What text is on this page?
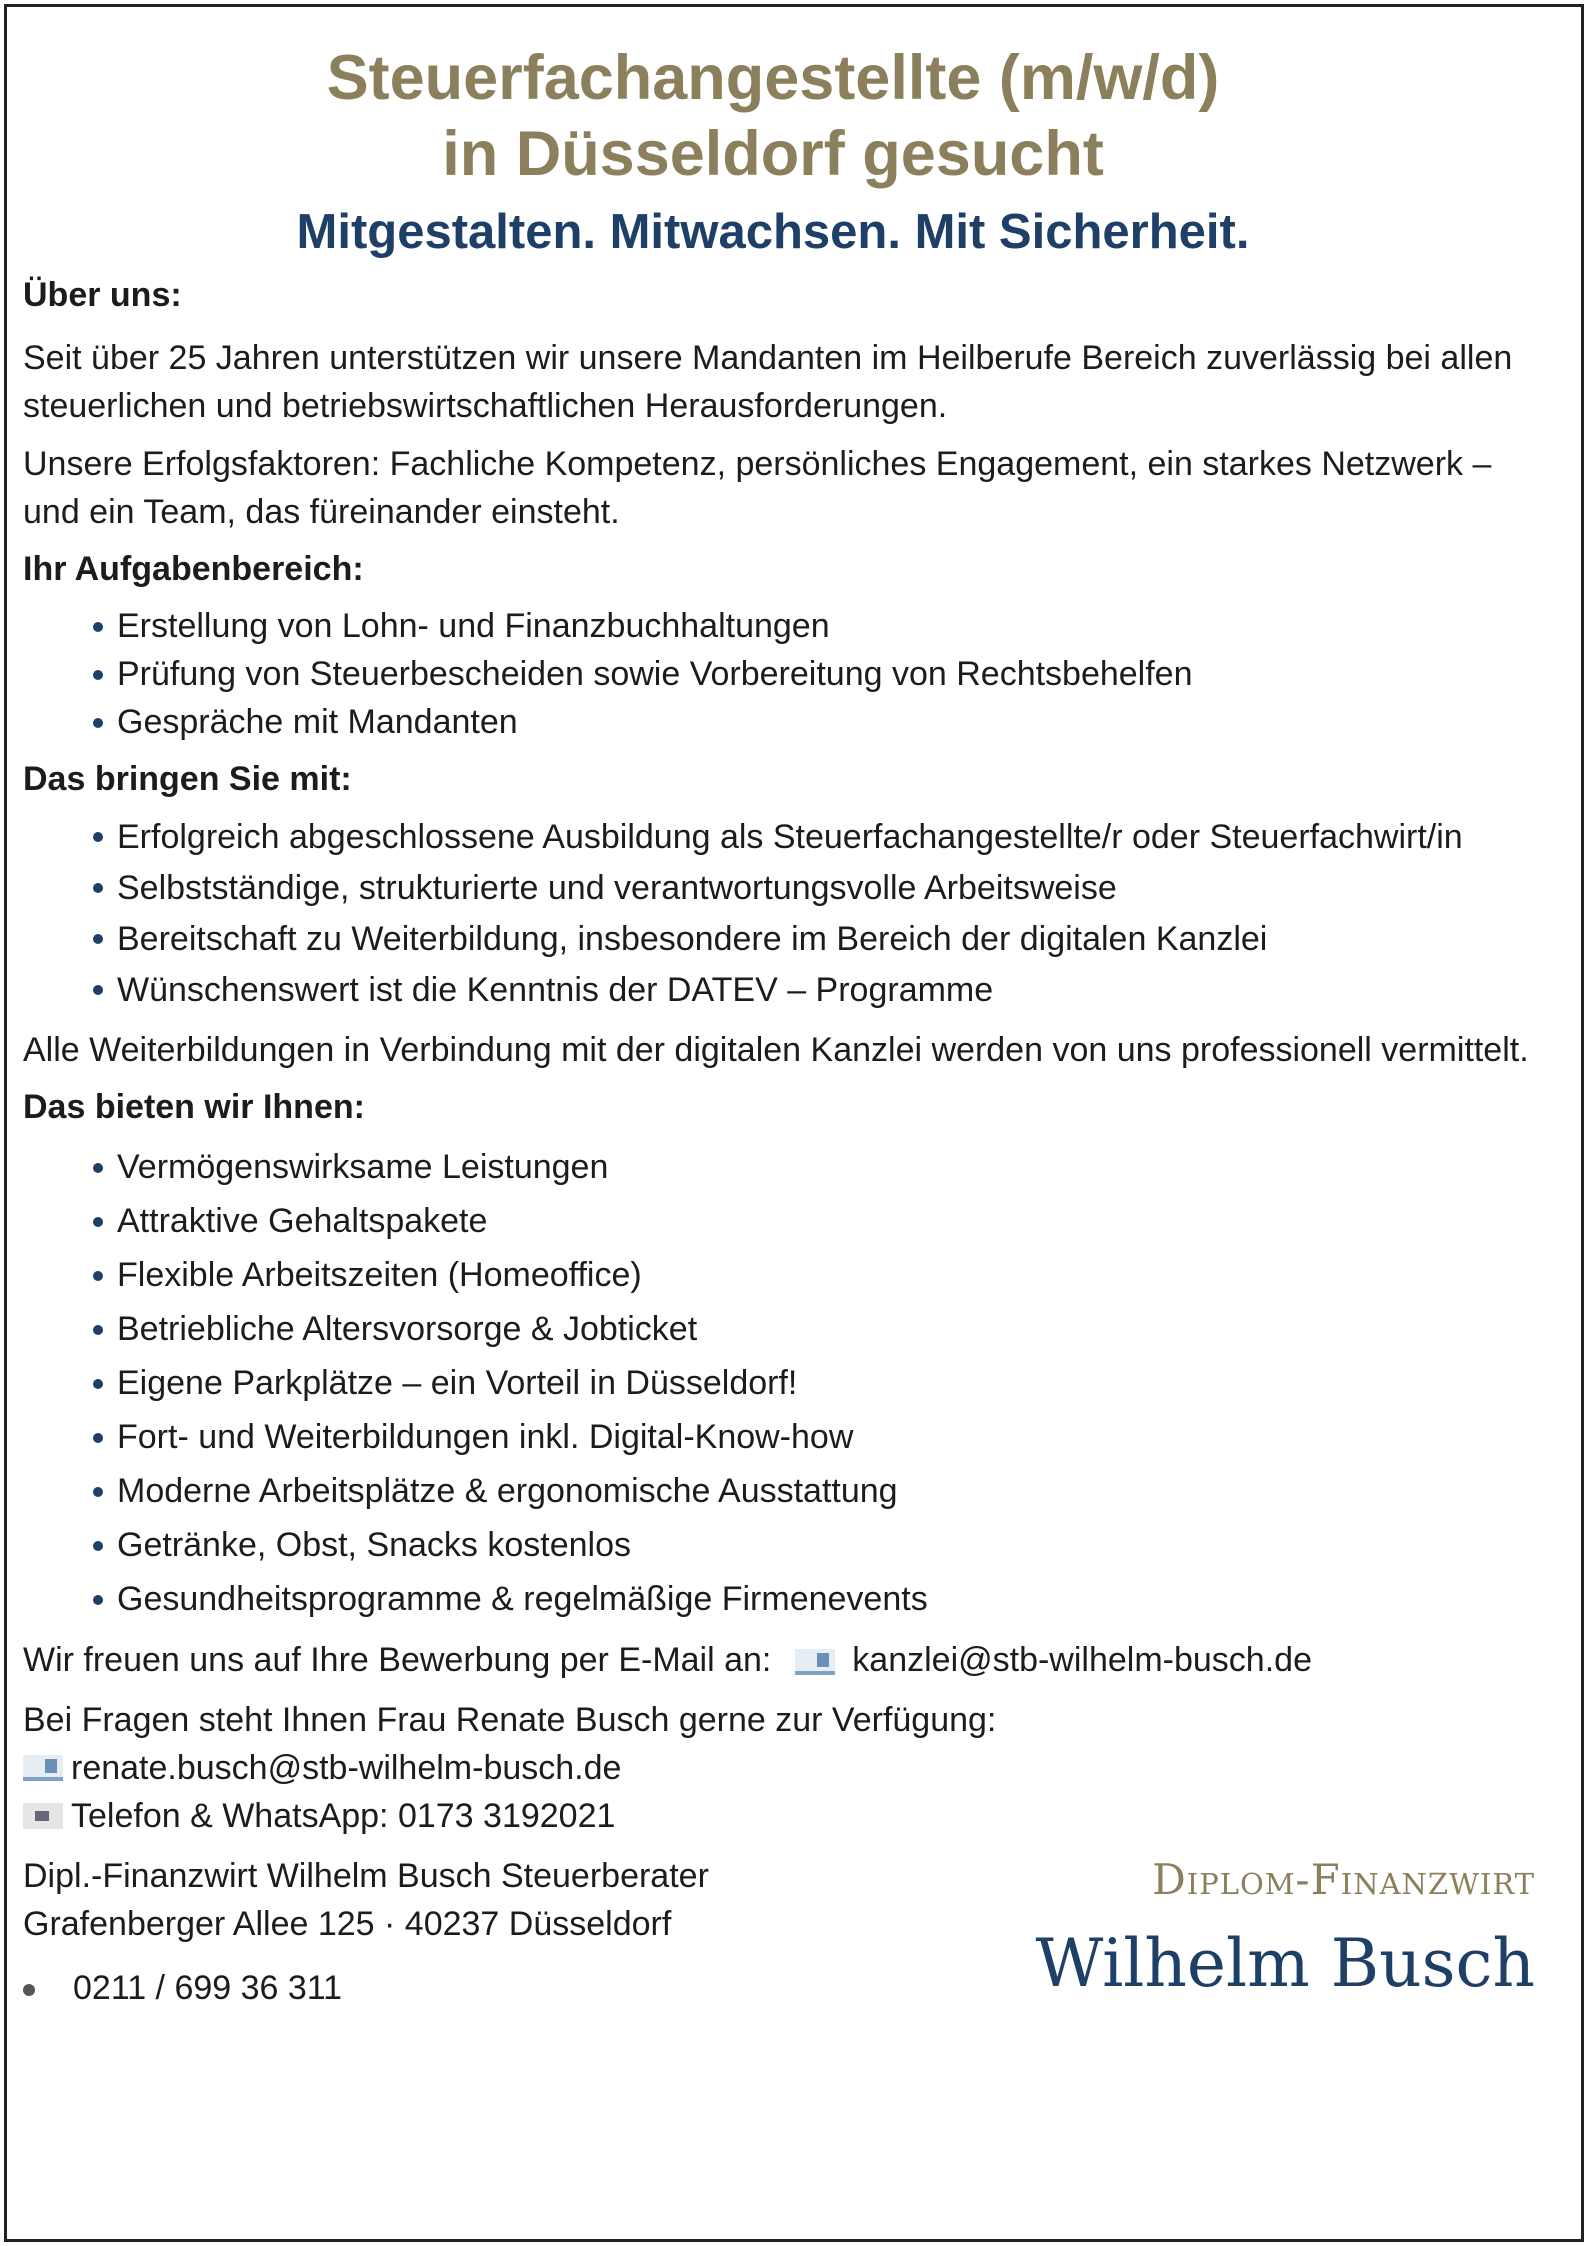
Steuerfachangestellte (m/w/d)
in Düsseldorf gesucht
Mitgestalten. Mitwachsen. Mit Sicherheit.
Über uns:

Seit über 25 Jahren unterstützen wir unsere Mandanten im Heilberufe Bereich zuverlässig bei allen steuerlichen und betriebswirtschaftlichen Herausforderungen.

Unsere Erfolgsfaktoren: Fachliche Kompetenz, persönliches Engagement, ein starkes Netzwerk – und ein Team, das füreinander einsteht.

Ihr Aufgabenbereich:
Erstellung von Lohn- und Finanzbuchhaltungen
Prüfung von Steuerbescheiden sowie Vorbereitung von Rechtsbehelfen
Gespräche mit Mandanten
Das bringen Sie mit:
Erfolgreich abgeschlossene Ausbildung als Steuerfachangestellte/r oder Steuerfachwirt/in
Selbstständige, strukturierte und verantwortungsvolle Arbeitsweise
Bereitschaft zu Weiterbildung, insbesondere im Bereich der digitalen Kanzlei
Wünschenswert ist die Kenntnis der DATEV – Programme

Alle Weiterbildungen in Verbindung mit der digitalen Kanzlei werden von uns professionell vermittelt.

Das bieten wir Ihnen:
Vermögenswirksame Leistungen
Attraktive Gehaltspakete
Flexible Arbeitszeiten (Homeoffice)
Betriebliche Altersvorsorge & Jobticket
Eigene Parkplätze – ein Vorteil in Düsseldorf!
Fort- und Weiterbildungen inkl. Digital-Know-how
Moderne Arbeitsplätze & ergonomische Ausstattung
Getränke, Obst, Snacks kostenlos
Gesundheitsprogramme & regelmäßige Firmenevents

Wir freuen uns auf Ihre Bewerbung per E-Mail an: kanzlei@stb-wilhelm-busch.de

Bei Fragen steht Ihnen Frau Renate Busch gerne zur Verfügung:

renate.busch@stb-wilhelm-busch.de
Telefon & WhatsApp: 0173 3192021
Dipl.-Finanzwirt Wilhelm Busch Steuerberater
Grafenberger Allee 125 · 40237 Düsseldorf
0211 / 699 36 311
Diplom-Finanzwirt
Wilhelm Busch
